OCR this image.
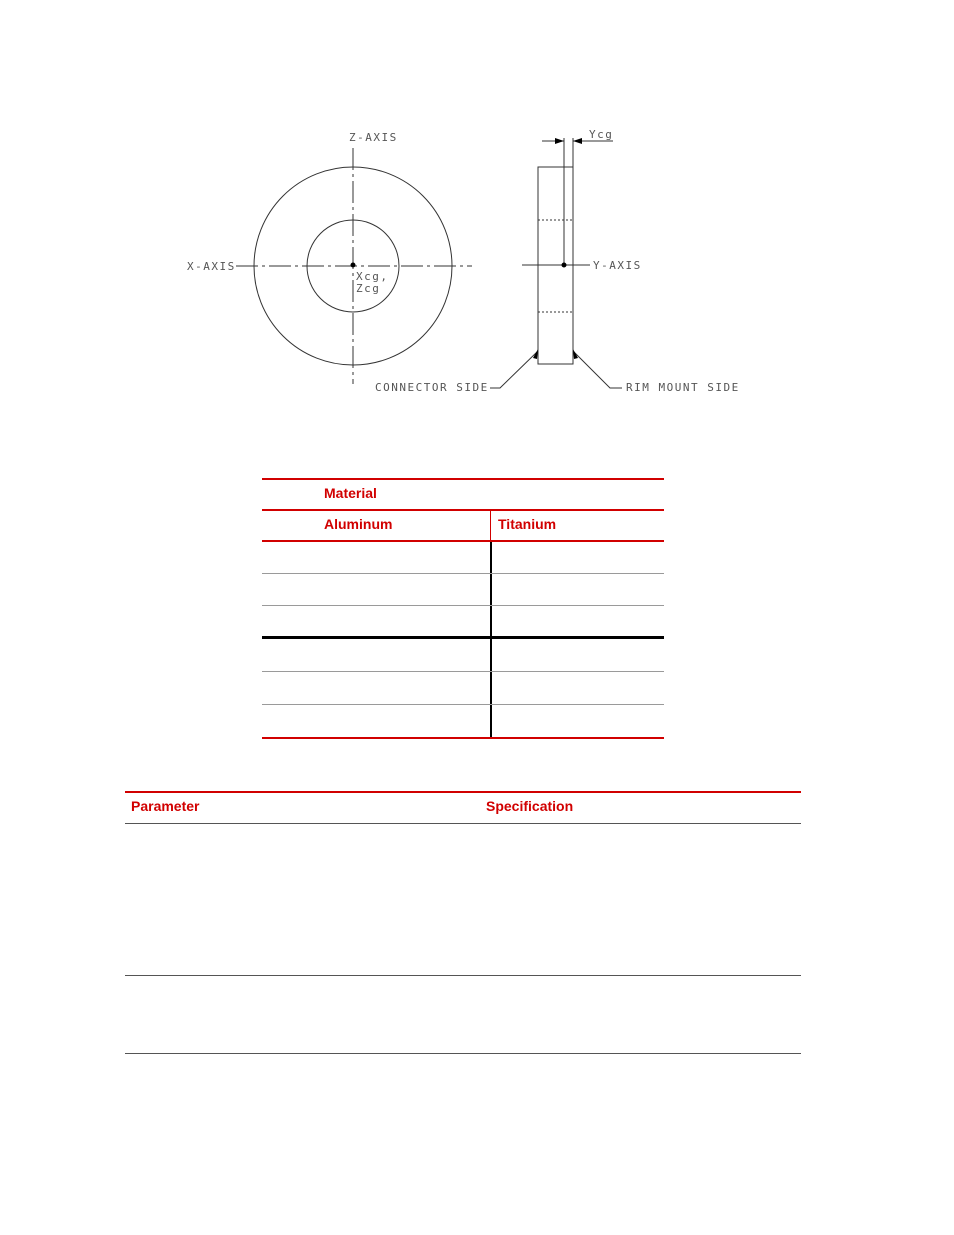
Z-AXIS
X-AXIS
Xcg,
Zcg
Ycg
Y-AXIS
CONNECTOR SIDE	RIM MOUNT SIDE
Material
Aluminum	Titanium
Parameter	Specification
